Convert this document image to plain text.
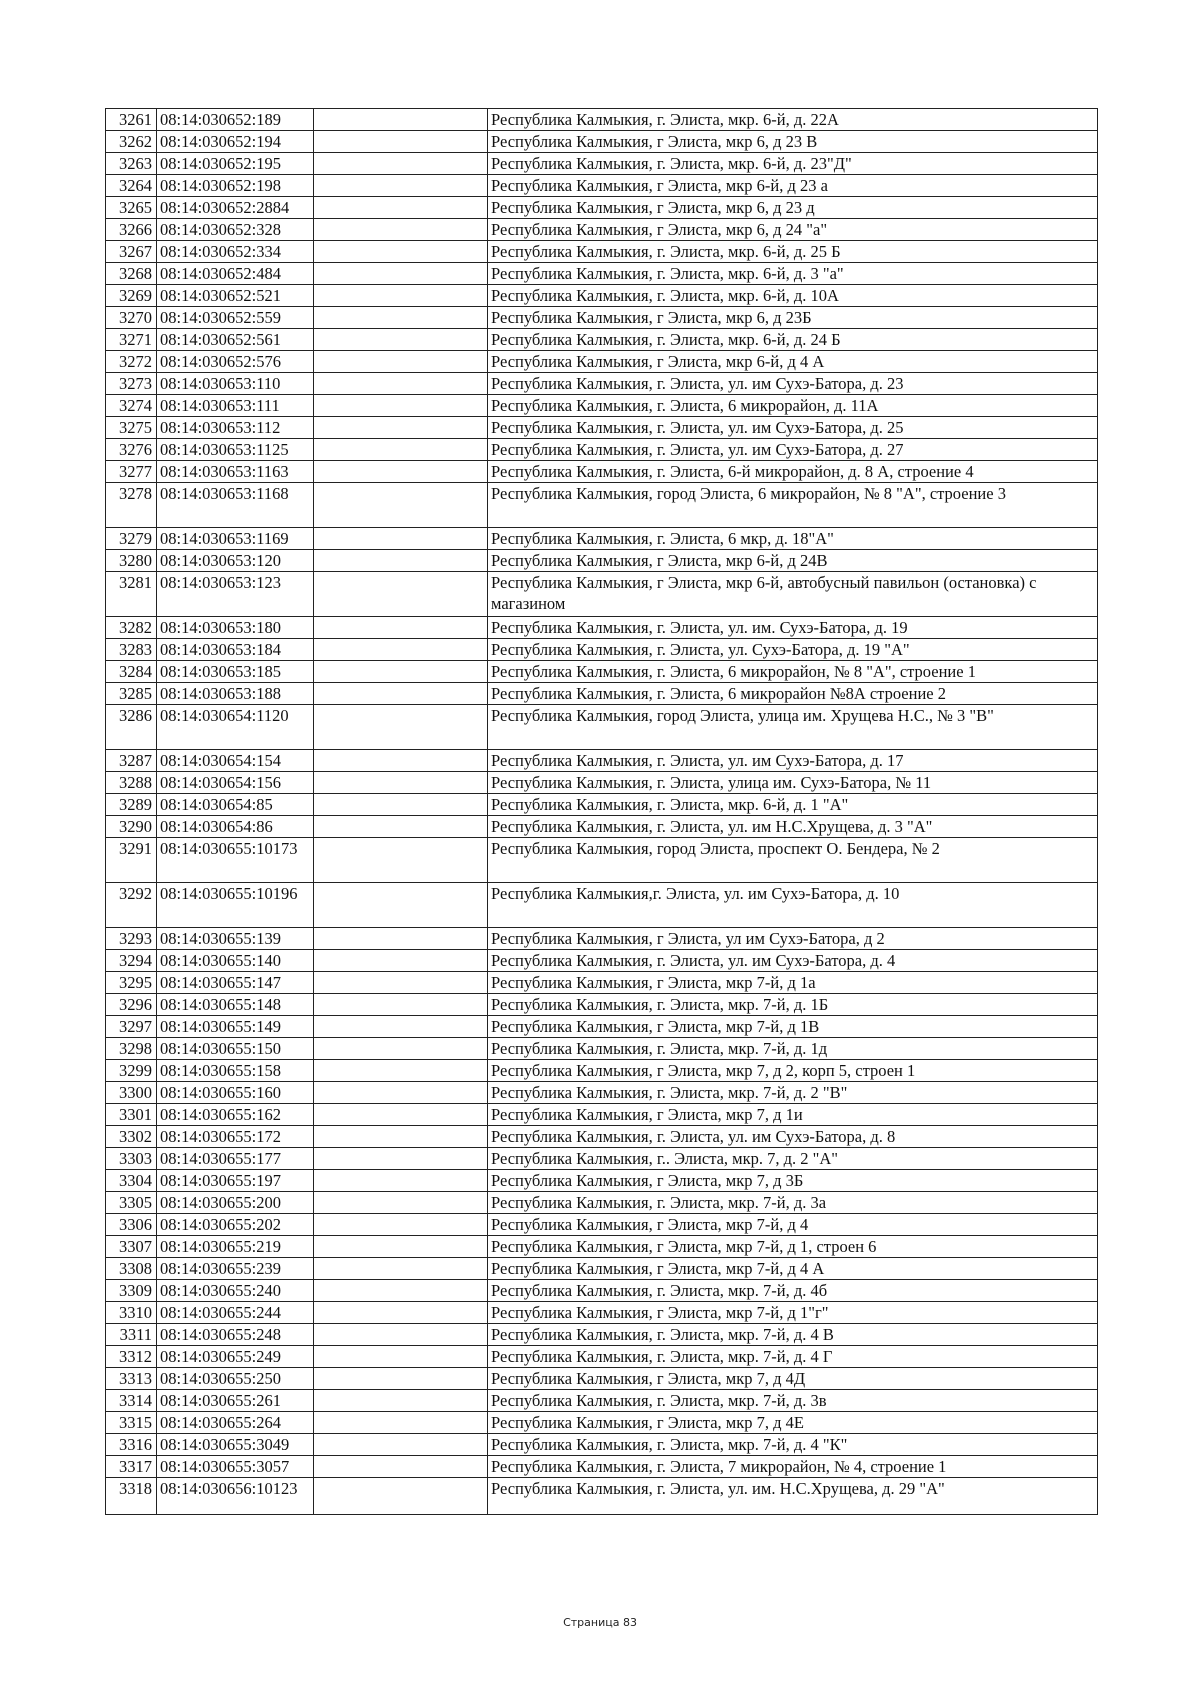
3261	08:14:030652:189		Республика Калмыкия, г. Элиста, мкр. 6-й, д. 22А
3262	08:14:030652:194		Республика Калмыкия, г Элиста, мкр 6, д 23 В
3263	08:14:030652:195		Республика Калмыкия, г. Элиста, мкр. 6-й, д. 23"Д"
3264	08:14:030652:198		Республика Калмыкия, г Элиста, мкр 6-й, д 23 а
3265	08:14:030652:2884		Республика Калмыкия, г Элиста, мкр 6, д 23 д
3266	08:14:030652:328		Республика Калмыкия, г Элиста, мкр 6, д 24 "а"
3267	08:14:030652:334		Республика Калмыкия, г. Элиста, мкр. 6-й, д. 25 Б
3268	08:14:030652:484		Республика Калмыкия, г. Элиста, мкр. 6-й, д. 3 "а"
3269	08:14:030652:521		Республика Калмыкия, г. Элиста, мкр. 6-й, д. 10А
3270	08:14:030652:559		Республика Калмыкия, г Элиста, мкр 6, д 23Б
3271	08:14:030652:561		Республика Калмыкия, г. Элиста, мкр. 6-й, д. 24 Б
3272	08:14:030652:576		Республика Калмыкия, г Элиста, мкр 6-й, д 4 А
3273	08:14:030653:110		Республика Калмыкия, г. Элиста, ул. им Сухэ-Батора, д. 23
3274	08:14:030653:111		Республика Калмыкия, г. Элиста, 6 микрорайон, д. 11А
3275	08:14:030653:112		Республика Калмыкия, г. Элиста, ул. им Сухэ-Батора, д. 25
3276	08:14:030653:1125		Республика Калмыкия, г. Элиста, ул. им Сухэ-Батора, д. 27
3277	08:14:030653:1163		Республика Калмыкия, г. Элиста, 6-й микрорайон, д. 8 А, строение 4
3278	08:14:030653:1168		Республика Калмыкия, город Элиста, 6 микрорайон, № 8 "А", строение 3
3279	08:14:030653:1169		Республика Калмыкия, г. Элиста, 6 мкр, д. 18"А"
3280	08:14:030653:120		Республика Калмыкия, г Элиста, мкр 6-й, д 24В
3281	08:14:030653:123		Республика Калмыкия, г Элиста, мкр 6-й, автобусный павильон (остановка) с магазином
3282	08:14:030653:180		Республика Калмыкия, г. Элиста, ул. им. Сухэ-Батора, д. 19
3283	08:14:030653:184		Республика Калмыкия, г. Элиста, ул. Сухэ-Батора, д. 19 "А"
3284	08:14:030653:185		Республика Калмыкия, г. Элиста, 6 микрорайон, № 8 "А", строение 1
3285	08:14:030653:188		Республика Калмыкия, г. Элиста, 6 микрорайон №8А строение 2
3286	08:14:030654:1120		Республика Калмыкия, город Элиста, улица им. Хрущева Н.С., № 3 "В"
3287	08:14:030654:154		Республика Калмыкия, г. Элиста, ул. им Сухэ-Батора, д. 17
3288	08:14:030654:156		Республика Калмыкия, г. Элиста, улица им. Сухэ-Батора, № 11
3289	08:14:030654:85		Республика Калмыкия, г. Элиста, мкр. 6-й, д. 1 "А"
3290	08:14:030654:86		Республика Калмыкия, г. Элиста, ул. им Н.С.Хрущева, д. 3 "А"
3291	08:14:030655:10173		Республика Калмыкия, город Элиста, проспект О. Бендера, № 2
3292	08:14:030655:10196		Республика Калмыкия,г. Элиста, ул. им Сухэ-Батора, д. 10
3293	08:14:030655:139		Республика Калмыкия, г Элиста, ул им Сухэ-Батора, д 2
3294	08:14:030655:140		Республика Калмыкия, г. Элиста, ул. им Сухэ-Батора, д. 4
3295	08:14:030655:147		Республика Калмыкия, г Элиста, мкр 7-й, д 1а
3296	08:14:030655:148		Республика Калмыкия, г. Элиста, мкр. 7-й, д. 1Б
3297	08:14:030655:149		Республика Калмыкия, г Элиста, мкр 7-й, д 1В
3298	08:14:030655:150		Республика Калмыкия, г. Элиста, мкр. 7-й, д. 1д
3299	08:14:030655:158		Республика Калмыкия, г Элиста, мкр 7, д 2, корп 5, строен 1
3300	08:14:030655:160		Республика Калмыкия, г. Элиста, мкр. 7-й, д. 2 "В"
3301	08:14:030655:162		Республика Калмыкия, г Элиста, мкр 7, д 1и
3302	08:14:030655:172		Республика Калмыкия, г. Элиста, ул. им Сухэ-Батора, д. 8
3303	08:14:030655:177		Республика Калмыкия, г.. Элиста, мкр. 7, д. 2 "А"
3304	08:14:030655:197		Республика Калмыкия, г Элиста, мкр 7, д 3Б
3305	08:14:030655:200		Республика Калмыкия, г. Элиста, мкр. 7-й, д. 3а
3306	08:14:030655:202		Республика Калмыкия, г Элиста, мкр 7-й, д 4
3307	08:14:030655:219		Республика Калмыкия, г Элиста, мкр 7-й, д 1, строен 6
3308	08:14:030655:239		Республика Калмыкия, г Элиста, мкр 7-й, д 4 А
3309	08:14:030655:240		Республика Калмыкия, г. Элиста, мкр. 7-й, д. 4б
3310	08:14:030655:244		Республика Калмыкия, г Элиста, мкр 7-й, д 1"г"
3311	08:14:030655:248		Республика Калмыкия, г. Элиста, мкр. 7-й, д. 4 В
3312	08:14:030655:249		Республика Калмыкия, г. Элиста, мкр. 7-й, д. 4 Г
3313	08:14:030655:250		Республика Калмыкия, г Элиста, мкр 7, д 4Д
3314	08:14:030655:261		Республика Калмыкия, г. Элиста, мкр. 7-й, д. 3в
3315	08:14:030655:264		Республика Калмыкия, г Элиста, мкр 7, д 4Е
3316	08:14:030655:3049		Республика Калмыкия, г. Элиста, мкр. 7-й, д. 4 "К"
3317	08:14:030655:3057		Республика Калмыкия, г. Элиста, 7 микрорайон, № 4, строение 1
3318	08:14:030656:10123		Республика Калмыкия, г. Элиста, ул. им. Н.С.Хрущева, д. 29 "А"
Страница 83
